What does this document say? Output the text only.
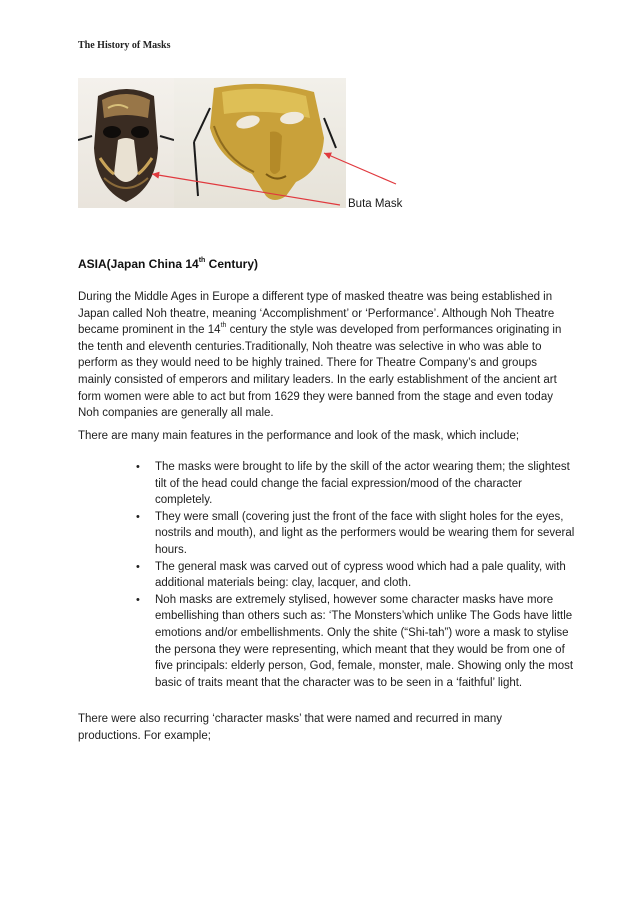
The History of Masks
Buta Mask
ASIA(Japan China 14th Century)
During the Middle Ages in Europe a different type of masked theatre was being established in Japan called Noh theatre, meaning ‘Accomplishment’ or ‘Performance’. Although Noh Theatre became prominent in the 14th century the style was developed from performances originating in the tenth and eleventh centuries.Traditionally, Noh theatre was selective in who was able to perform as they would need to be highly trained. There for Theatre Company’s and groups mainly consisted of emperors and military leaders. In the early establishment of the ancient art form women were able to act but from 1629 they were banned from the stage and even today Noh companies are generally all male.
There are many main features in the performance and look of the mask, which include;
• The masks were brought to life by the skill of the actor wearing them; the slightest tilt of the head could change the facial expression/mood of the character completely.
• They were small (covering just the front of the face with slight holes for the eyes, nostrils and mouth), and light as the performers would be wearing them for several hours.
• The general mask was carved out of cypress wood which had a pale quality, with additional materials being: clay, lacquer, and cloth.
• Noh masks are extremely stylised, however some character masks have more embellishing than others such as: ‘The Monsters’which unlike The Gods have little emotions and/or embellishments. Only the shite (“Shi-tah”) wore a mask to stylise the persona they were representing, which meant that they would be from one of five principals: elderly person, God, female, monster, male. Showing only the most basic of traits meant that the character was to be seen in a ‘faithful’ light.
There were also recurring ‘character masks’ that were named and recurred in many productions. For example;
